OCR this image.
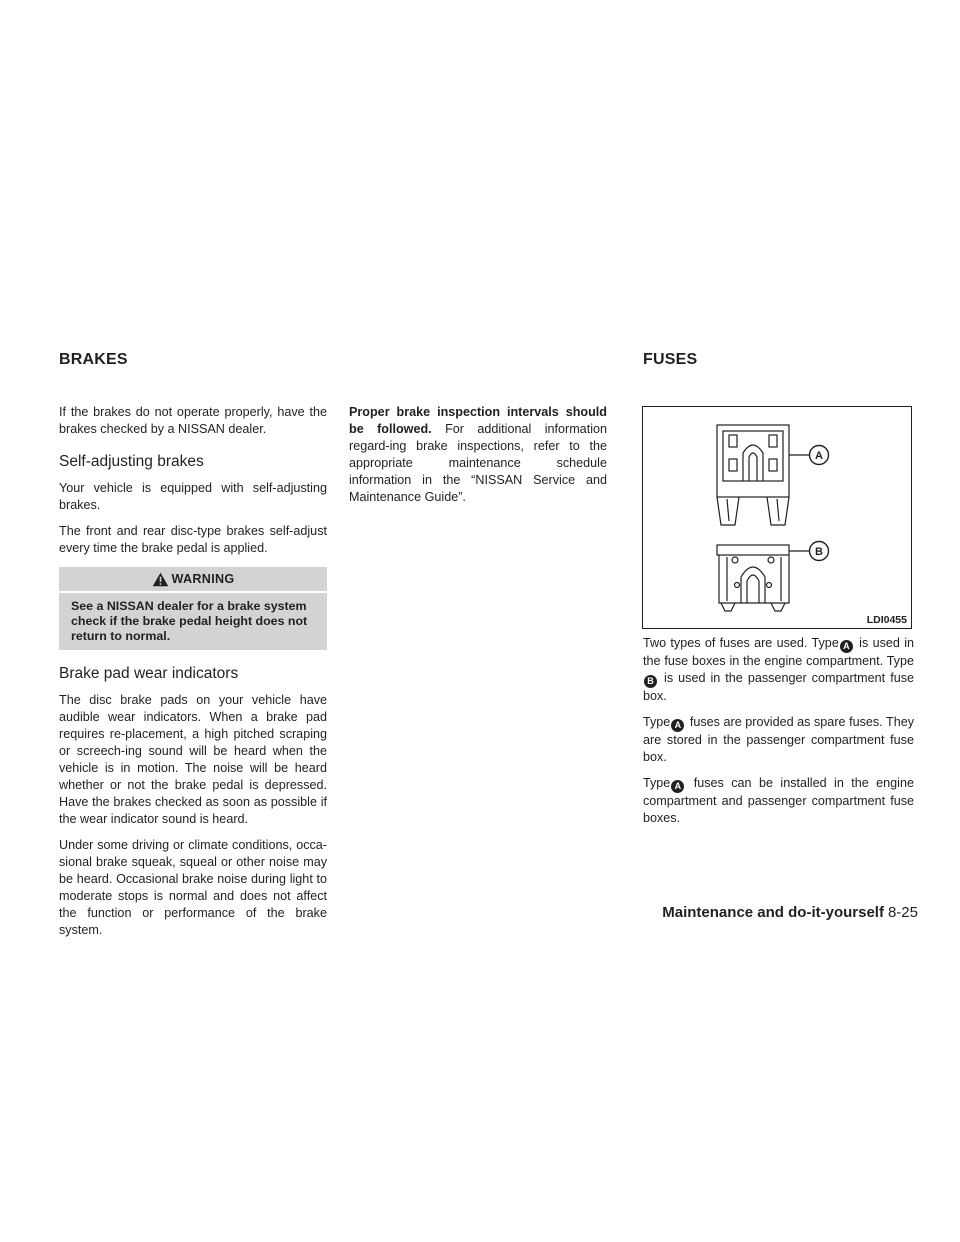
BRAKES	FUSES

If the brakes do not operate properly, have the brakes checked by a NISSAN dealer.

Self-adjusting brakes

Your vehicle is equipped with self-adjusting brakes.

The front and rear disc-type brakes self-adjust every time the brake pedal is applied.

WARNING
See a NISSAN dealer for a brake system check if the brake pedal height does not return to normal.
Brake pad wear indicators

The disc brake pads on your vehicle have audible wear indicators. When a brake pad requires re-placement, a high pitched scraping or screech-ing sound will be heard when the vehicle is in motion. The noise will be heard whether or not the brake pedal is depressed. Have the brakes checked as soon as possible if the wear indicator sound is heard.

Under some driving or climate conditions, occa-sional brake squeak, squeal or other noise may be heard. Occasional brake noise during light to moderate stops is normal and does not affect the function or performance of the brake system.

Proper brake inspection intervals should be followed. For additional information regard-ing brake inspections, refer to the appropriate maintenance schedule information in the “NISSAN Service and Maintenance Guide”.

A
B
LDI0455

Two types of fuses are used. Type A is used in the fuse boxes in the engine compartment. Type B is used in the passenger compartment fuse box.

Type A fuses are provided as spare fuses. They are stored in the passenger compartment fuse box.

Type A fuses can be installed in the engine compartment and passenger compartment fuse boxes.

Maintenance and do-it-yourself 8-25
